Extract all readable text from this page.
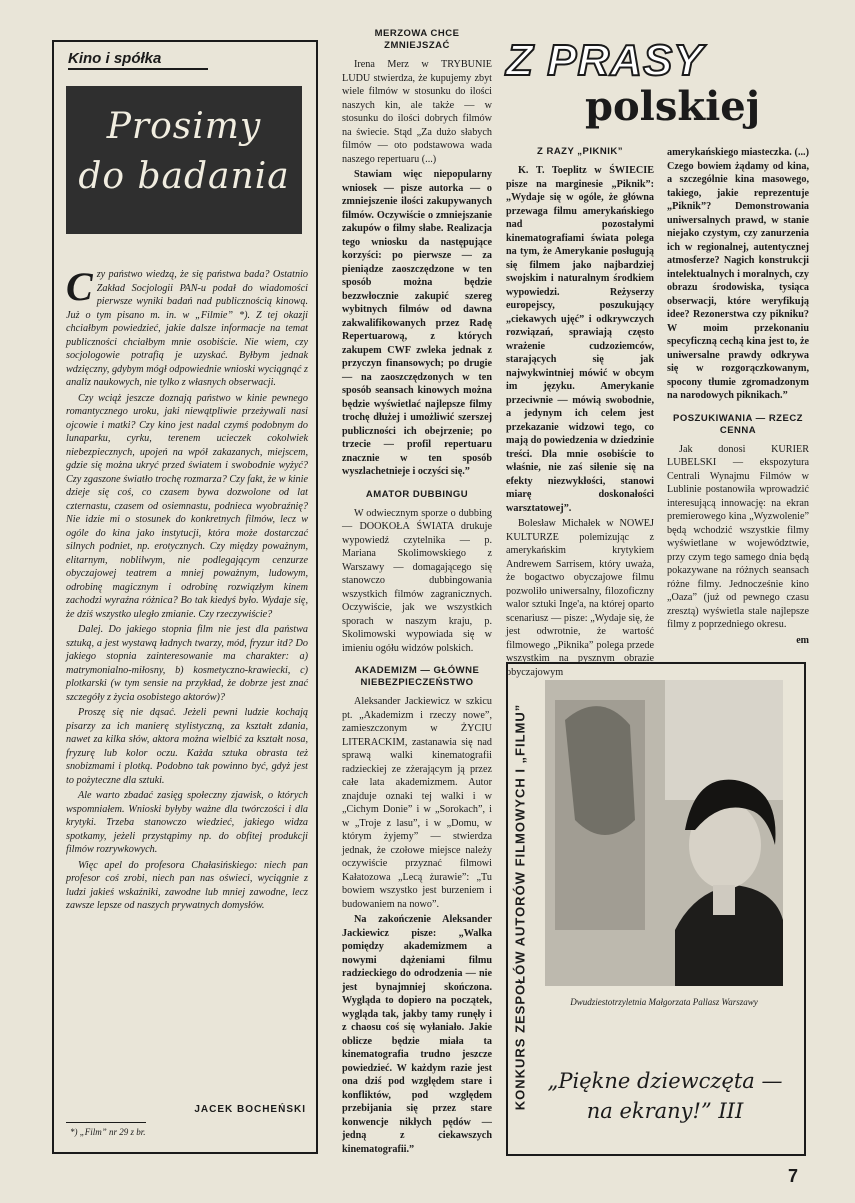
Kino i spółka
Prosimy
do badania

Czy państwo wiedzą, że się państwa bada? Ostatnio Zakład Socjologii PAN-u podał do wiadomości pierwsze wyniki badań nad publicznością kinową. Już o tym pisano m. in. w „Filmie” *). Z tej okazji chciałbym powiedzieć, jakie dalsze informacje na temat publiczności chciałbym mnie osobiście. Nie wiem, czy socjologowie potrafią je uzyskać. Byłbym jednak wdzięczny, gdybym mógł odpowiednie wnioski wyciągnąć z analiz naukowych, nie tylko z własnych obserwacji.

Czy wciąż jeszcze doznają państwo w kinie pewnego romantycznego uroku, jaki niewątpliwie przeżywali nasi ojcowie i matki? Czy kino jest nadal czymś podobnym do lunaparku, cyrku, terenem ucieczek cokolwiek niebezpiecznych, upojeń na wpół zakazanych, miejscem, gdzie się można ukryć przed światem i swobodnie wyżyć? Czy zgaszone światło trochę rozmarza? Czy fakt, że w kinie dzieje się coś, co czasem bywa dozwolone od lat czternastu, czasem od osiemnastu, podnieca wyobraźnię? Nie idzie mi o stosunek do konkretnych filmów, lecz w ogóle do kina jako instytucji, która może dostarczać silnych podniet, np. erotycznych. Czy między poważnym, elitarnym, noblilwym, nie podlegającym cenzurze obyczajowej teatrem a mniej poważnym, ludowym, odrobinę magicznym i odrobinę rozwiązłym kinem zachodzi wyraźna różnica? Bo tak kiedyś było. Wydaje się, że dziś wszystko uległo zmianie. Czy rzeczywiście?

Dalej. Do jakiego stopnia film nie jest dla państwa sztuką, a jest wystawą ładnych twarzy, mód, fryzur itd? Do jakiego stopnia zainteresowanie ma charakter: a) matrymonialno-miłosny, b) kosmetyczno-krawiecki, c) plotkarski (w tym sensie na przykład, że dobrze jest znać szczegóły z życia osobistego aktorów)?

Proszę się nie dąsać. Jeżeli pewni ludzie kochają pisarzy za ich manierę stylistyczną, za kształt zdania, nawet za kilka słów, aktora można wielbić za kształt nosa, fryzurę lub kolor oczu. Każda sztuka obrasta też snobizmami i plotką. Podobno tak powinno być, gdyż jest to pożyteczne dla sztuki.

Ale warto zbadać zasięg społeczny zjawisk, o których wspomniałem. Wnioski byłyby ważne dla twórczości i dla krytyki. Trzeba stanowczo wiedzieć, jakiego widza spotkamy, jeżeli przystąpimy np. do obfitej produkcji filmów rozrywkowych.

Więc apel do profesora Chałasińskiego: niech pan profesor coś zrobi, niech pan nas oświeci, wyciągnie z ludzi jakieś wskaźniki, zawodne lub mniej zawodne, lecz zawsze lepsze od naszych prywatnych domysłów.

JACEK BOCHEŃSKI
*) „Film” nr 29 z br.
MERZOWA CHCE ZMNIEJSZAĆ

Irena Merz w TRYBUNIE LUDU stwierdza, że kupujemy zbyt wiele filmów w stosunku do ilości naszych kin, ale także — w stosunku do ilości dobrych filmów na świecie. Stąd „Za dużo słabych filmów — oto podstawowa wada naszego repertuaru (...)

Stawiam więc niepopularny wniosek — pisze autorka — o zmniejszenie ilości zakupywanych filmów. Oczywiście o zmniejszanie zakupów o filmy słabe. Realizacja tego wniosku da następujące korzyści: po pierwsze — za pieniądze zaoszczędzone w ten sposób można będzie bezzwłocznie zakupić szereg wybitnych filmów od dawna zakwalifikowanych przez Radę Repertuarową, z których zakupem CWF zwleka jednak z przyczyn finansowych; po drugie — na zaoszczędzonych w ten sposób seansach kinowych można będzie wyświetlać najlepsze filmy trochę dłużej i umożliwić szerszej publiczności ich obejrzenie; po trzecie — profil repertuaru znacznie w ten sposób wyszlachetnieje i oczyści się.”

AMATOR DUBBINGU

W odwiecznym sporze o dubbing — DOOKOŁA ŚWIATA drukuje wypowiedź czytelnika — p. Mariana Skolimowskiego z Warszawy — domagającego się stanowczo dubbingowania wszystkich filmów zagranicznych. Oczywiście, jak we wszystkich sporach w naszym kraju, p. Skolimowski wypowiada się w imieniu ogółu widzów polskich.

AKADEMIZM — GŁÓWNE NIEBEZPIECZEŃSTWO

Aleksander Jackiewicz w szkicu pt. „Akademizm i rzeczy nowe”, zamieszczonym w ŻYCIU LITERACKIM, zastanawia się nad sprawą walki kinematografii radzieckiej ze zżerającym ją przez całe lata akademizmem. Autor znajduje oznaki tej walki i w „Cichym Donie” i w „Sorokach”, i w „Troje z lasu”, i w „Domu, w którym żyjemy” — stwierdza jednak, że czołowe miejsce należy oczywiście przyznać filmowi Kałatozowa „Lecą żurawie”: „Tu bowiem wszystko jest burzeniem i budowaniem na nowo”.

Na zakończenie Aleksander Jackiewicz pisze: „Walka pomiędzy akademizmem a nowymi dążeniami filmu radzieckiego do odrodzenia — nie jest bynajmniej skończona. Wygląda to dopiero na początek, wygląda tak, jakby tamy runęły i z chaosu coś się wyłaniało. Jakie oblicze będzie miała ta kinematografia trudno jeszcze powiedzieć. W każdym razie jest ona dziś pod względem stare i konfliktów, pod względem przebijania się przez stare konwencje nikłych pędów — jedną z ciekawszych kinematografii.”

Z PRASY
polskiej
Z RAZY „PIKNIK”

K. T. Toeplitz w ŚWIECIE pisze na marginesie „Piknik”: „Wydaje się w ogóle, że główna przewaga filmu amerykańskiego nad pozostałymi kinematografiami świata polega na tym, że Amerykanie posługują się filmem jako najbardziej swojskim i naturalnym środkiem wypowiedzi. Reżyserzy europejscy, poszukujący „ciekawych ujęć” i odkrywczych rozwiązań, sprawiają często wrażenie cudzoziemców, starających się jak najwykwintniej mówić w obcym im języku. Amerykanie przeciwnie — mówią swobodnie, a jedynym ich celem jest przekazanie widzowi tego, co mają do powiedzenia w dziedzinie treści. Dla mnie osobiście to właśnie, nie zaś siłenie się na efekty niezwykłości, stanowi miarę doskonałości warsztatowej”.

Bolesław Michałek w NOWEJ KULTURZE polemizując z amerykańskim krytykiem Andrewem Sarrisem, który uważa, że bogactwo obyczajowe filmu pozwoliło uniwersalny, filozoficzny walor sztuki Inge'a, na której oparto scenariusz — pisze: „Wydaje się, że jest odwrotnie, że wartość filmowego „Piknika” polega przede wszystkim na pysznym obrazie obyczajowym

amerykańskiego miasteczka. (...) Czego bowiem żądamy od kina, a szczególnie kina masowego, takiego, jakie reprezentuje „Piknik”? Demonstrowania uniwersalnych prawd, w stanie niejako czystym, czy zanurzenia ich w regionalnej, autentycznej atmosferze? Nagich konstrukcji intelektualnych i moralnych, czy obrazu środowiska, tysiąca obserwacji, które weryfikują idee? Rezonerstwa czy pikniku? W moim przekonaniu specyficzną cechą kina jest to, że uniwersalne prawdy odkrywa się w rozgorączkowanym, spocony tłumie zgromadzonym na narodowych piknikach.”

POSZUKIWANIA — RZECZ CENNA

Jak donosi KURIER LUBELSKI — ekspozytura Centrali Wynajmu Filmów w Lublinie postanowiła wprowadzić interesującą innowację: na ekran premierowego kina „Wyzwolenie” będą wchodzić wszystkie filmy wyświetlane w województwie, przy czym tego samego dnia będą pokazywane na różnych seansach różne filmy. Jednocześnie kino „Oaza” (już od pewnego czasu zresztą) wyświetla stale najlepsze filmy z poprzedniego okresu.

em
KONKURS ZESPOŁÓW AUTORÓW FILMOWYCH I „FILMU”	Dwudziestotrzyletnia Małgorzata Pallasz Warszawy
„Piękne dziewczęta — na ekrany!” III
7
